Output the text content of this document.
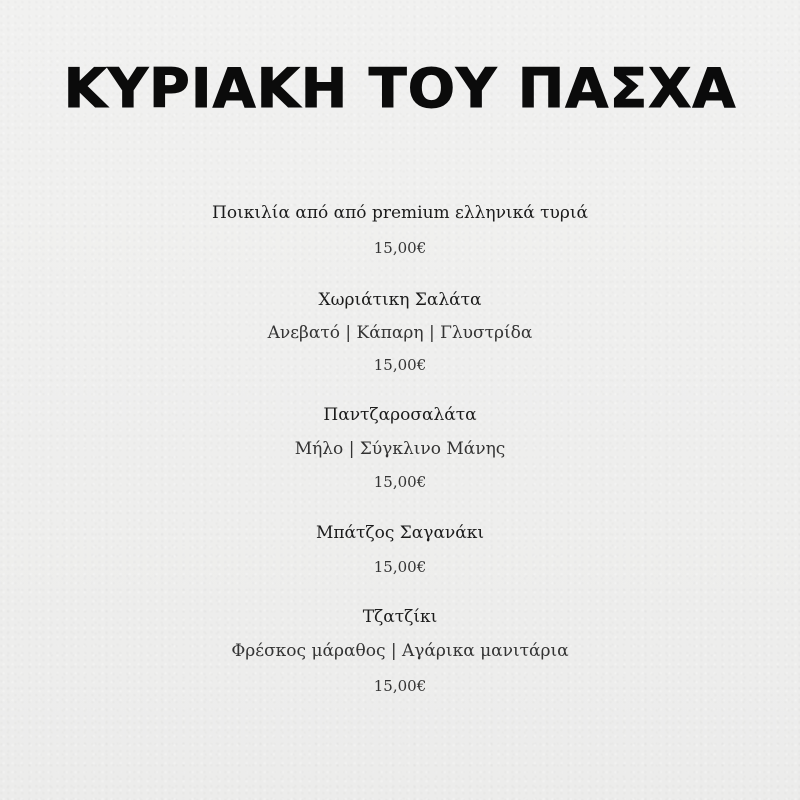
ΚΥΡΙΑΚΗ ΤΟΥ ΠΑΣΧΑ
Ποικιλία από από premium ελληνικά τυριά
15,00€
Χωριάτικη Σαλάτα
Ανεβατό | Κάπαρη | Γλυστρίδα
15,00€
Παντζαροσαλάτα
Μήλο | Σύγκλινο Μάνης
15,00€
Μπάτζος Σαγανάκι
15,00€
Τζατζίκι
Φρέσκος μάραθος | Αγάρικα μανιτάρια
15,00€
